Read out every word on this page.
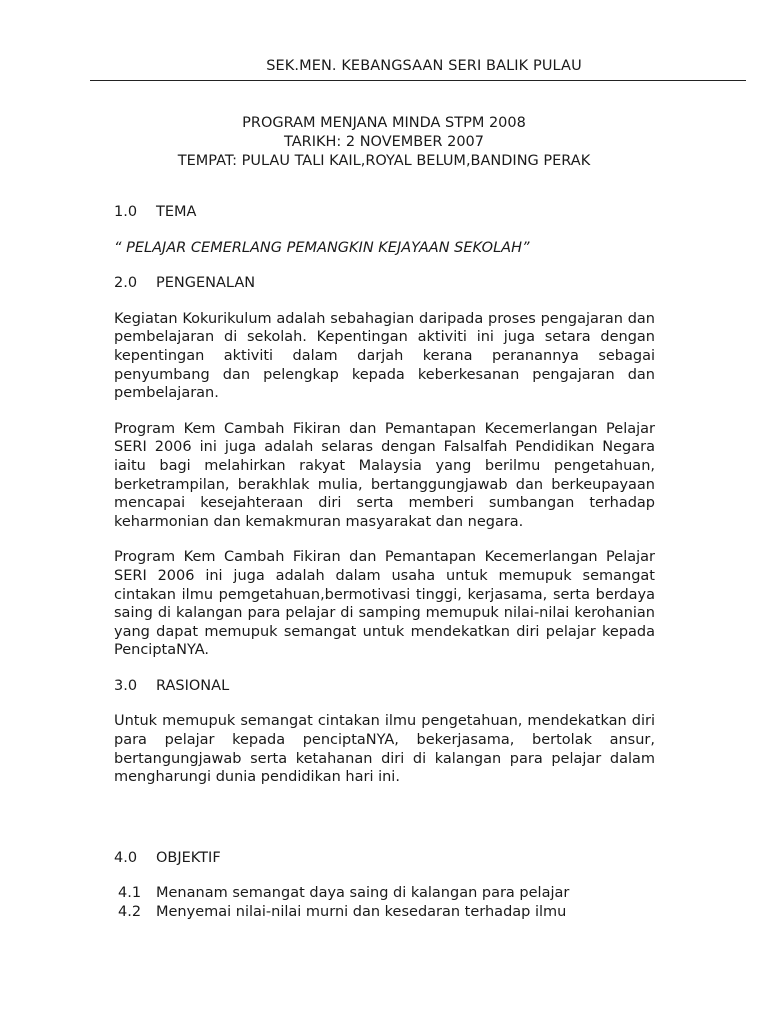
SEK.MEN. KEBANGSAAN SERI BALIK PULAU
PROGRAM MENJANA MINDA STPM 2008
TARIKH: 2 NOVEMBER 2007
TEMPAT: PULAU TALI KAIL,ROYAL BELUM,BANDING PERAK
1.0	TEMA
“ PELAJAR CEMERLANG PEMANGKIN KEJAYAAN SEKOLAH”
2.0	PENGENALAN

Kegiatan Kokurikulum adalah sebahagian daripada proses pengajaran dan pembelajaran di sekolah. Kepentingan aktiviti ini juga setara dengan kepentingan aktiviti dalam darjah kerana peranannya sebagai penyumbang dan pelengkap kepada keberkesanan pengajaran dan pembelajaran.

Program Kem Cambah Fikiran dan Pemantapan Kecemerlangan Pelajar SERI 2006 ini juga adalah selaras dengan Falsalfah Pendidikan Negara iaitu bagi melahirkan rakyat Malaysia yang berilmu pengetahuan, berketrampilan, berakhlak mulia, bertanggungjawab dan berkeupayaan mencapai kesejahteraan diri serta memberi sumbangan terhadap keharmonian dan kemakmuran masyarakat dan negara.

Program Kem Cambah Fikiran dan Pemantapan Kecemerlangan Pelajar SERI 2006 ini juga adalah dalam usaha untuk memupuk semangat cintakan ilmu pemgetahuan,bermotivasi tinggi, kerjasama, serta berdaya saing di kalangan para pelajar di samping memupuk nilai-nilai kerohanian yang dapat memupuk semangat untuk mendekatkan diri pelajar kepada PenciptaNYA.

3.0	RASIONAL

Untuk memupuk semangat cintakan ilmu pengetahuan, mendekatkan diri para pelajar kepada penciptaNYA, bekerjasama, bertolak ansur, bertangungjawab serta ketahanan diri di kalangan para pelajar dalam mengharungi dunia pendidikan hari ini.

4.0	OBJEKTIF
4.1	Menanam semangat daya saing di kalangan para pelajar
4.2	Menyemai nilai-nilai murni dan kesedaran terhadap ilmu
